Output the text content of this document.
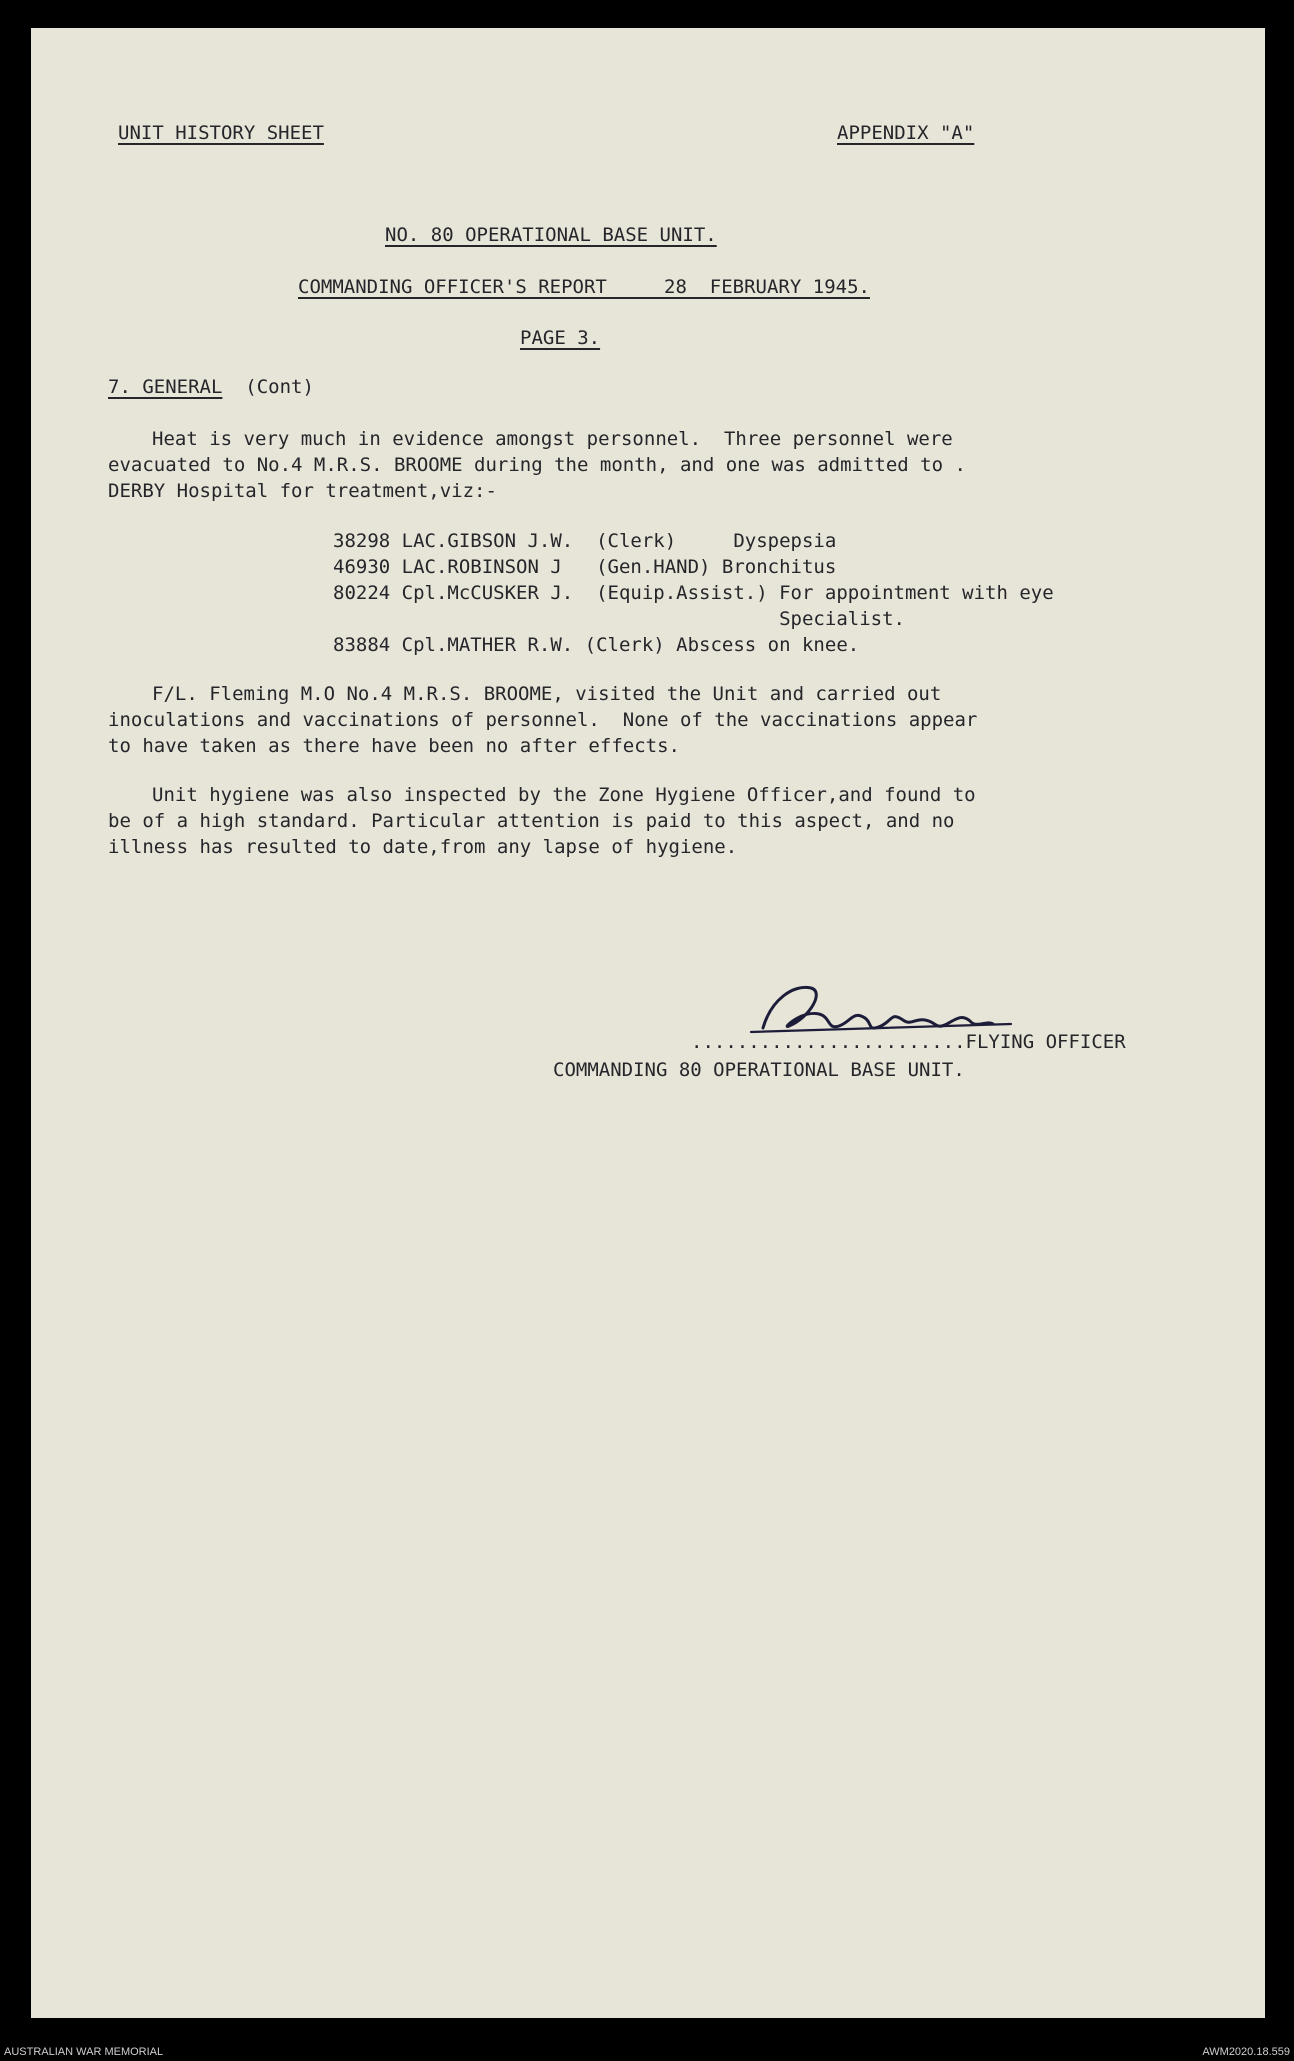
UNIT HISTORY SHEET	APPENDIX "A"
NO. 80 OPERATIONAL BASE UNIT.
COMMANDING OFFICER'S REPORT     28  FEBRUARY 1945.
PAGE 3.
7. GENERAL (Cont)
Heat is very much in evidence amongst personnel.  Three personnel were
evacuated to No.4 M.R.S. BROOME during the month, and one was admitted to .
DERBY Hospital for treatment,viz:-
38298 LAC.GIBSON J.W.  (Clerk)     Dyspepsia
46930 LAC.ROBINSON J   (Gen.HAND) Bronchitus
80224 Cpl.McCUSKER J.  (Equip.Assist.) For appointment with eye
Specialist.
83884 Cpl.MATHER R.W. (Clerk) Abscess on knee.
F/L. Fleming M.O No.4 M.R.S. BROOME, visited the Unit and carried out
inoculations and vaccinations of personnel.  None of the vaccinations appear
to have taken as there have been no after effects.
Unit hygiene was also inspected by the Zone Hygiene Officer,and found to
be of a high standard. Particular attention is paid to this aspect, and no
illness has resulted to date,from any lapse of hygiene.
........................FLYING OFFICER
COMMANDING 80 OPERATIONAL BASE UNIT.
AUSTRALIAN WAR MEMORIAL	AWM2020.18.559
